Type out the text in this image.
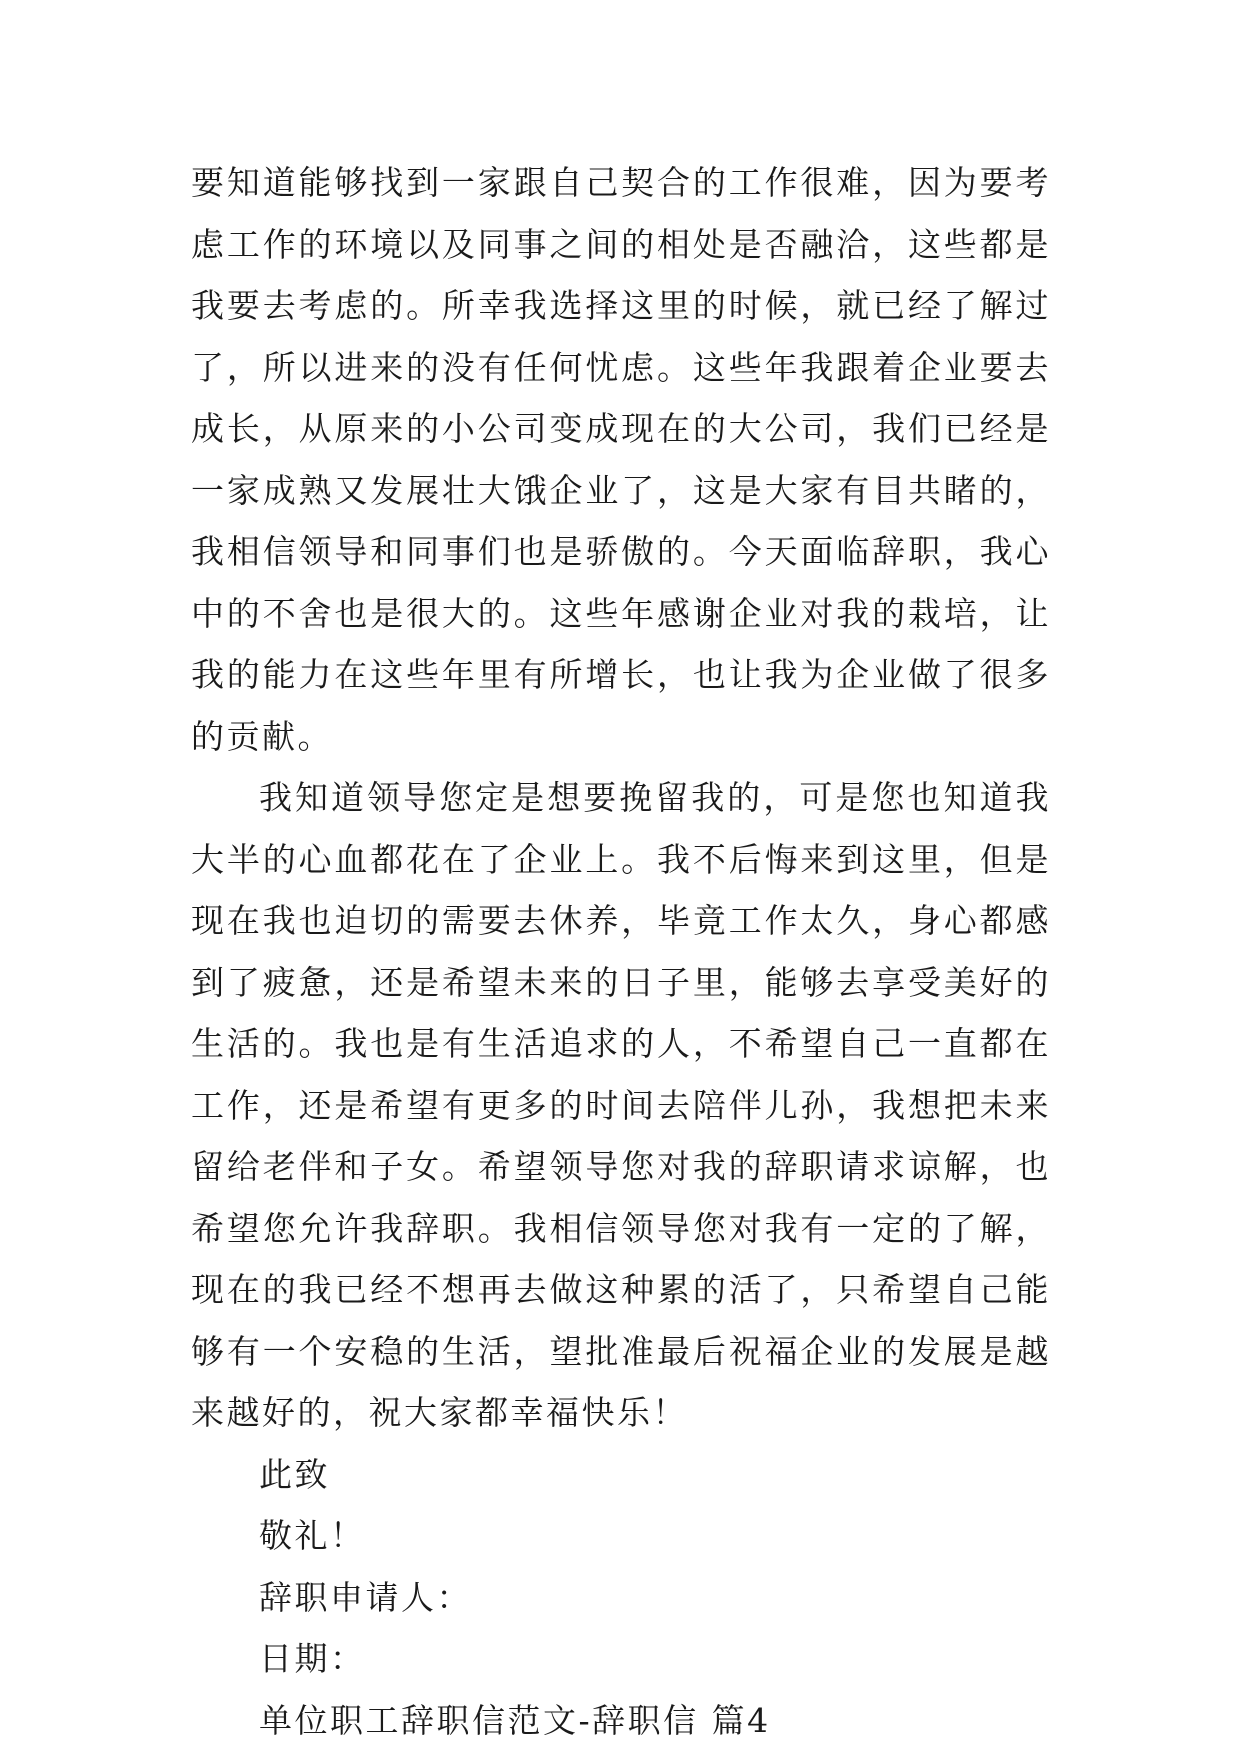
要知道能够找到一家跟自己契合的工作很难，因为要考虑工作的环境以及同事之间的相处是否融洽，这些都是我要去考虑的。所幸我选择这里的时候，就已经了解过了，所以进来的没有任何忧虑。这些年我跟着企业要去成长，从原来的小公司变成现在的大公司，我们已经是一家成熟又发展壮大饿企业了，这是大家有目共睹的，我相信领导和同事们也是骄傲的。今天面临辞职，我心中的不舍也是很大的。这些年感谢企业对我的栽培，让我的能力在这些年里有所增长，也让我为企业做了很多的贡献。

我知道领导您定是想要挽留我的，可是您也知道我大半的心血都花在了企业上。我不后悔来到这里，但是现在我也迫切的需要去休养，毕竟工作太久，身心都感到了疲惫，还是希望未来的日子里，能够去享受美好的生活的。我也是有生活追求的人，不希望自己一直都在工作，还是希望有更多的时间去陪伴儿孙，我想把未来留给老伴和子女。希望领导您对我的辞职请求谅解，也希望您允许我辞职。我相信领导您对我有一定的了解，现在的我已经不想再去做这种累的活了，只希望自己能够有一个安稳的生活，望批准最后祝福企业的发展是越来越好的，祝大家都幸福快乐！

此致

敬礼！

辞职申请人：

日期：

单位职工辞职信范文-辞职信 篇4
